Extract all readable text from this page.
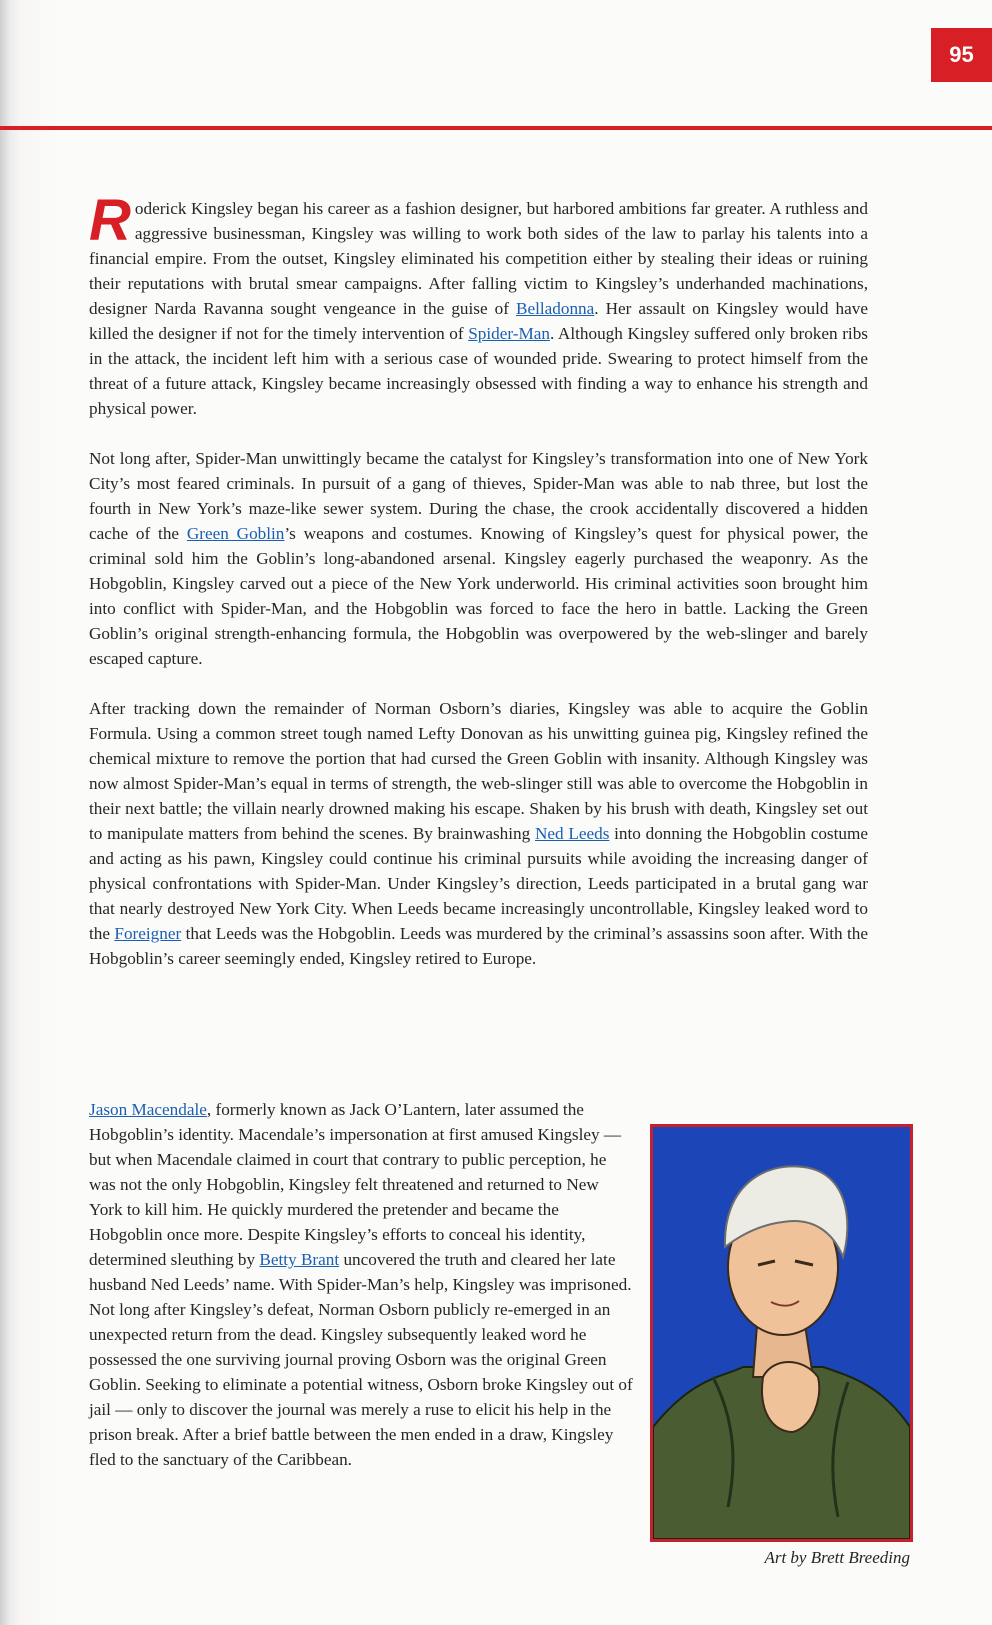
95

Roderick Kingsley began his career as a fashion designer, but harbored ambitions far greater. A ruthless and aggressive businessman, Kingsley was willing to work both sides of the law to parlay his talents into a financial empire. From the outset, Kingsley eliminated his competition either by stealing their ideas or ruining their reputations with brutal smear campaigns. After falling victim to Kingsley’s underhanded machinations, designer Narda Ravanna sought vengeance in the guise of Belladonna. Her assault on Kingsley would have killed the designer if not for the timely intervention of Spider-Man. Although Kingsley suffered only broken ribs in the attack, the incident left him with a serious case of wounded pride. Swearing to protect himself from the threat of a future attack, Kingsley became increasingly obsessed with finding a way to enhance his strength and physical power.

Not long after, Spider-Man unwittingly became the catalyst for Kingsley’s transformation into one of New York City’s most feared criminals. In pursuit of a gang of thieves, Spider-Man was able to nab three, but lost the fourth in New York’s maze-like sewer system. During the chase, the crook accidentally discovered a hidden cache of the Green Goblin’s weapons and costumes. Knowing of Kingsley’s quest for physical power, the criminal sold him the Goblin’s long-abandoned arsenal. Kingsley eagerly purchased the weaponry. As the Hobgoblin, Kingsley carved out a piece of the New York underworld. His criminal activities soon brought him into conflict with Spider-Man, and the Hobgoblin was forced to face the hero in battle. Lacking the Green Goblin’s original strength-enhancing formula, the Hobgoblin was overpowered by the web-slinger and barely escaped capture.

After tracking down the remainder of Norman Osborn’s diaries, Kingsley was able to acquire the Goblin Formula. Using a common street tough named Lefty Donovan as his unwitting guinea pig, Kingsley refined the chemical mixture to remove the portion that had cursed the Green Goblin with insanity. Although Kingsley was now almost Spider-Man’s equal in terms of strength, the web-slinger still was able to overcome the Hobgoblin in their next battle; the villain nearly drowned making his escape. Shaken by his brush with death, Kingsley set out to manipulate matters from behind the scenes. By brainwashing Ned Leeds into donning the Hobgoblin costume and acting as his pawn, Kingsley could continue his criminal pursuits while avoiding the increasing danger of physical confrontations with Spider-Man. Under Kingsley’s direction, Leeds participated in a brutal gang war that nearly destroyed New York City. When Leeds became increasingly uncontrollable, Kingsley leaked word to the Foreigner that Leeds was the Hobgoblin. Leeds was murdered by the criminal’s assassins soon after. With the Hobgoblin’s career seemingly ended, Kingsley retired to Europe.

Jason Macendale, formerly known as Jack O’Lantern, later assumed the Hobgoblin’s identity. Macendale’s impersonation at first amused Kingsley — but when Macendale claimed in court that contrary to public perception, he was not the only Hobgoblin, Kingsley felt threatened and returned to New York to kill him. He quickly murdered the pretender and became the Hobgoblin once more. Despite Kingsley’s efforts to conceal his identity, determined sleuthing by Betty Brant uncovered the truth and cleared her late husband Ned Leeds’ name. With Spider-Man’s help, Kingsley was imprisoned. Not long after Kingsley’s defeat, Norman Osborn publicly re-emerged in an unexpected return from the dead. Kingsley subsequently leaked word he possessed the one surviving journal proving Osborn was the original Green Goblin. Seeking to eliminate a potential witness, Osborn broke Kingsley out of jail — only to discover the journal was merely a ruse to elicit his help in the prison break. After a brief battle between the men ended in a draw, Kingsley fled to the sanctuary of the Caribbean.

Art by Brett Breeding
